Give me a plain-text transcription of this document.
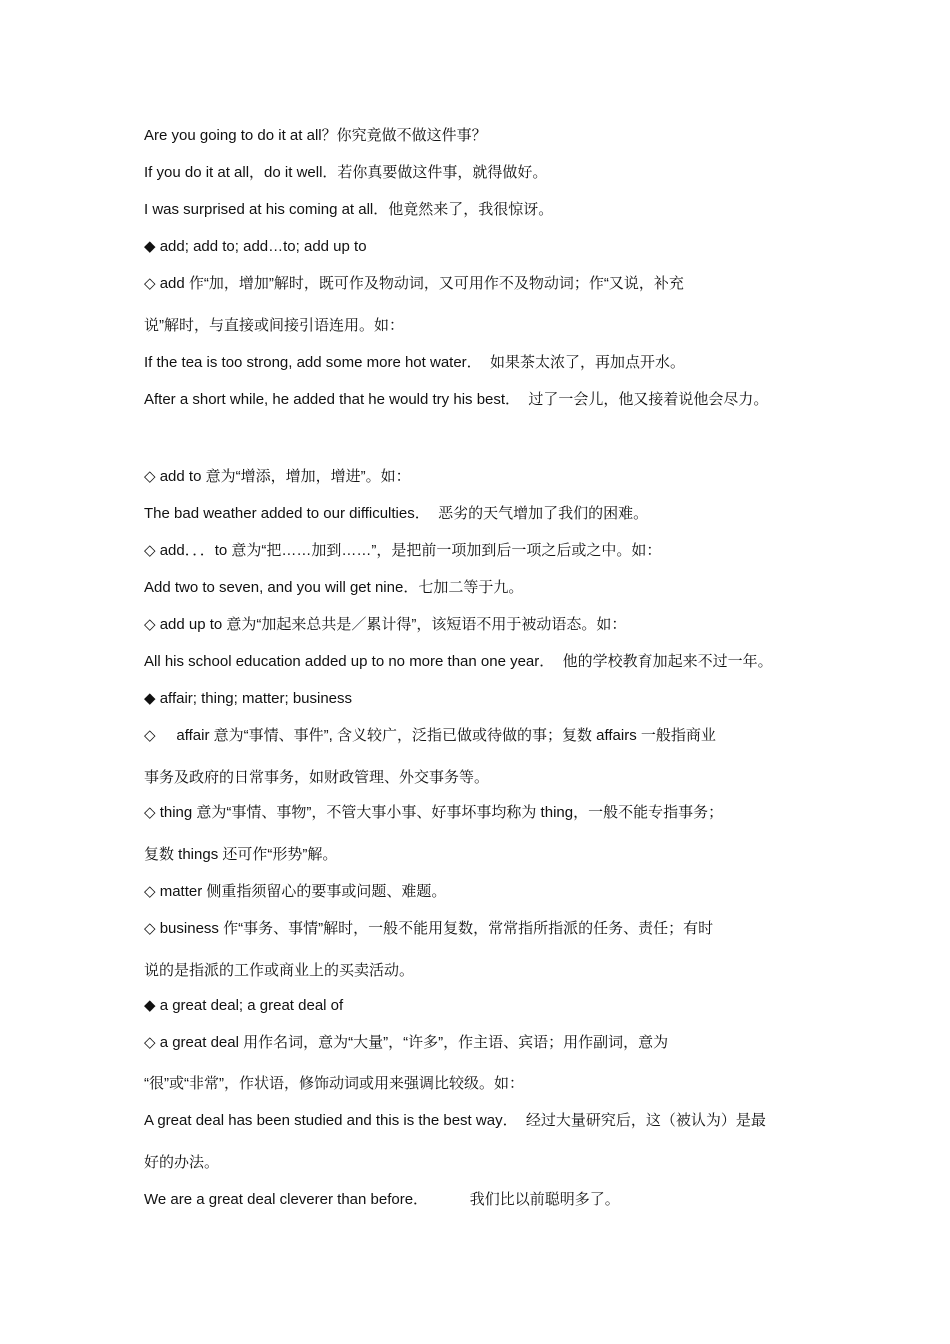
Are you going to do it at all？你究竟做不做这件事？
If you do it at all，do it well．若你真要做这件事，就得做好。
I was surprised at his coming at all．他竟然来了，我很惊讶。
◆ add; add to; add…to; add up to
◇ add 作“加，增加”解时，既可作及物动词，又可用作不及物动词；作“又说，补充
说”解时，与直接或间接引语连用。如：
If the tea is too strong, add some more hot water．  如果茶太浓了，再加点开水。
After a short while, he added that he would try his best．  过了一会儿，他又接着说他会尽力。
◇ add to 意为“增添，增加，增进”。如：
The bad weather added to our difficulties．  恶劣的天气增加了我们的困难。
◇ add．．．to 意为“把……加到……”，是把前一项加到后一项之后或之中。如：
Add two to seven, and you will get nine．七加二等于九。
◇ add up to 意为“加起来总共是／累计得”，该短语不用于被动语态。如：
All his school education added up to no more than one year．  他的学校教育加起来不过一年。
◆ affair; thing; matter; business
◇     affair 意为“事情、事件”, 含义较广，泛指已做或待做的事；复数 affairs 一般指商业
事务及政府的日常事务，如财政管理、外交事务等。
◇ thing 意为“事情、事物”，不管大事小事、好事坏事均称为 thing，一般不能专指事务；
复数 things 还可作“形势”解。
◇ matter 侧重指须留心的要事或问题、难题。
◇ business 作“事务、事情”解时，一般不能用复数，常常指所指派的任务、责任；有时
说的是指派的工作或商业上的买卖活动。
◆ a great deal; a great deal of
◇ a great deal 用作名词，意为“大量”，“许多”，作主语、宾语；用作副词，意为
“很”或“非常”，作状语，修饰动词或用来强调比较级。如：
A great deal has been studied and this is the best way．  经过大量研究后，这（被认为）是最
好的办法。
We are a great deal cleverer than before．          我们比以前聪明多了。
